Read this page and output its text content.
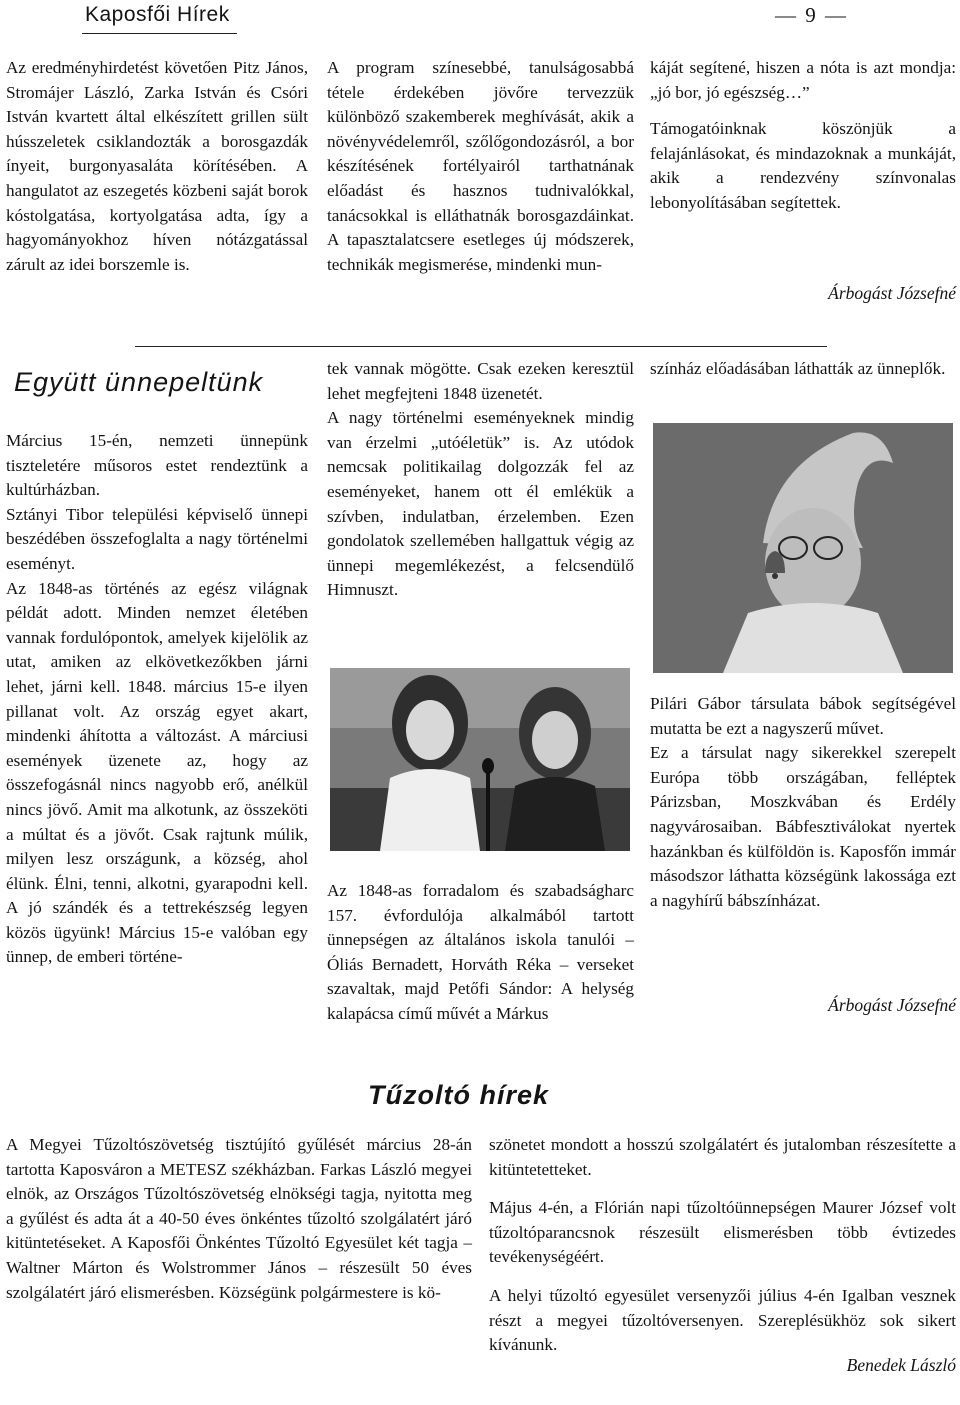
Kaposfői Hírek	— 9 —

Az eredményhirdetést követően Pitz János, Stromájer László, Zarka István és Csóri István kvartett által elkészített grillen sült hússzeletek csiklandozták a borosgazdák ínyeit, burgonyasaláta körítésében. A hangulatot az eszegetés közbeni saját borok kóstolgatása, kortyolgatása adta, így a hagyományokhoz híven nótázgatással zárult az idei borszemle is.

A program színesebbé, tanulságosabbá tétele érdekében jövőre tervezzük különböző szakemberek meghívását, akik a növényvédelemről, szőlőgondozásról, a bor készítésének fortélyairól tarthatnának előadást és hasznos tudnivalókkal, tanácsokkal is elláthatnák borosgazdáinkat. A tapasztalatcsere esetleges új módszerek, technikák megismerése, mindenki mun-

káját segítené, hiszen a nóta is azt mondja: „jó bor, jó egészség…”

Támogatóinknak köszönjük a felajánlásokat, és mindazoknak a munkáját, akik a rendezvény színvonalas lebonyolításában segítettek.

Árbogást Józsefné
Együtt ünnepeltünk

Március 15-én, nemzeti ünnepünk tiszteletére műsoros estet rendeztünk a kultúrházban.

Sztányi Tibor települési képviselő ünnepi beszédében összefoglalta a nagy történelmi eseményt.

Az 1848-as történés az egész világnak példát adott. Minden nemzet életében vannak fordulópontok, amelyek kijelölik az utat, amiken az elkövetkezőkben járni lehet, járni kell. 1848. március 15-e ilyen pillanat volt. Az ország egyet akart, mindenki áhította a változást. A márciusi események üzenete az, hogy az összefogásnál nincs nagyobb erő, anélkül nincs jövő. Amit ma alkotunk, az összeköti a múltat és a jövőt. Csak rajtunk múlik, milyen lesz országunk, a község, ahol élünk. Élni, tenni, alkotni, gyarapodni kell. A jó szándék és a tettrekészség legyen közös ügyünk! Március 15-e valóban egy ünnep, de emberi történe-

tek vannak mögötte. Csak ezeken keresztül lehet megfejteni 1848 üzenetét.

A nagy történelmi eseményeknek mindig van érzelmi „utóéletük” is. Az utódok nemcsak politikailag dolgozzák fel az eseményeket, hanem ott él emlékük a szívben, indulatban, érzelemben. Ezen gondolatok szellemében hallgattuk végig az ünnepi megemlékezést, a felcsendülő Himnuszt.

Az 1848-as forradalom és szabadságharc 157. évfordulója alkalmából tartott ünnepségen az általános iskola tanulói – Óliás Bernadett, Horváth Réka – verseket szavaltak, majd Petőfi Sándor: A helység kalapácsa című művét a Márkus

színház előadásában láthatták az ünneplők.

Pilári Gábor társulata bábok segítségével mutatta be ezt a nagyszerű művet.

Ez a társulat nagy sikerekkel szerepelt Európa több országában, felléptek Párizsban, Moszkvában és Erdély nagyvárosaiban. Bábfesztiválokat nyertek hazánkban és külföldön is. Kaposfőn immár másodszor láthatta községünk lakossága ezt a nagyhírű bábszínházat.

Árbogást Józsefné
Tűzoltó hírek

A Megyei Tűzoltószövetség tisztújító gyűlését március 28-án tartotta Kaposváron a METESZ székházban. Farkas László megyei elnök, az Országos Tűzoltószövetség elnökségi tagja, nyitotta meg a gyűlést és adta át a 40-50 éves önkéntes tűzoltó szolgálatért járó kitüntetéseket. A Kaposfői Önkéntes Tűzoltó Egyesület két tagja – Waltner Márton és Wolstrommer János – részesült 50 éves szolgálatért járó elismerésben. Községünk polgármestere is kö-

szönetet mondott a hosszú szolgálatért és jutalomban részesítette a kitüntetetteket.

Május 4-én, a Flórián napi tűzoltóünnepségen Maurer József volt tűzoltóparancsnok részesült elismerésben több évtizedes tevékenységéért.

A helyi tűzoltó egyesület versenyzői július 4-én Igalban vesznek részt a megyei tűzoltóversenyen. Szereplésükhöz sok sikert kívánunk.

Benedek László
